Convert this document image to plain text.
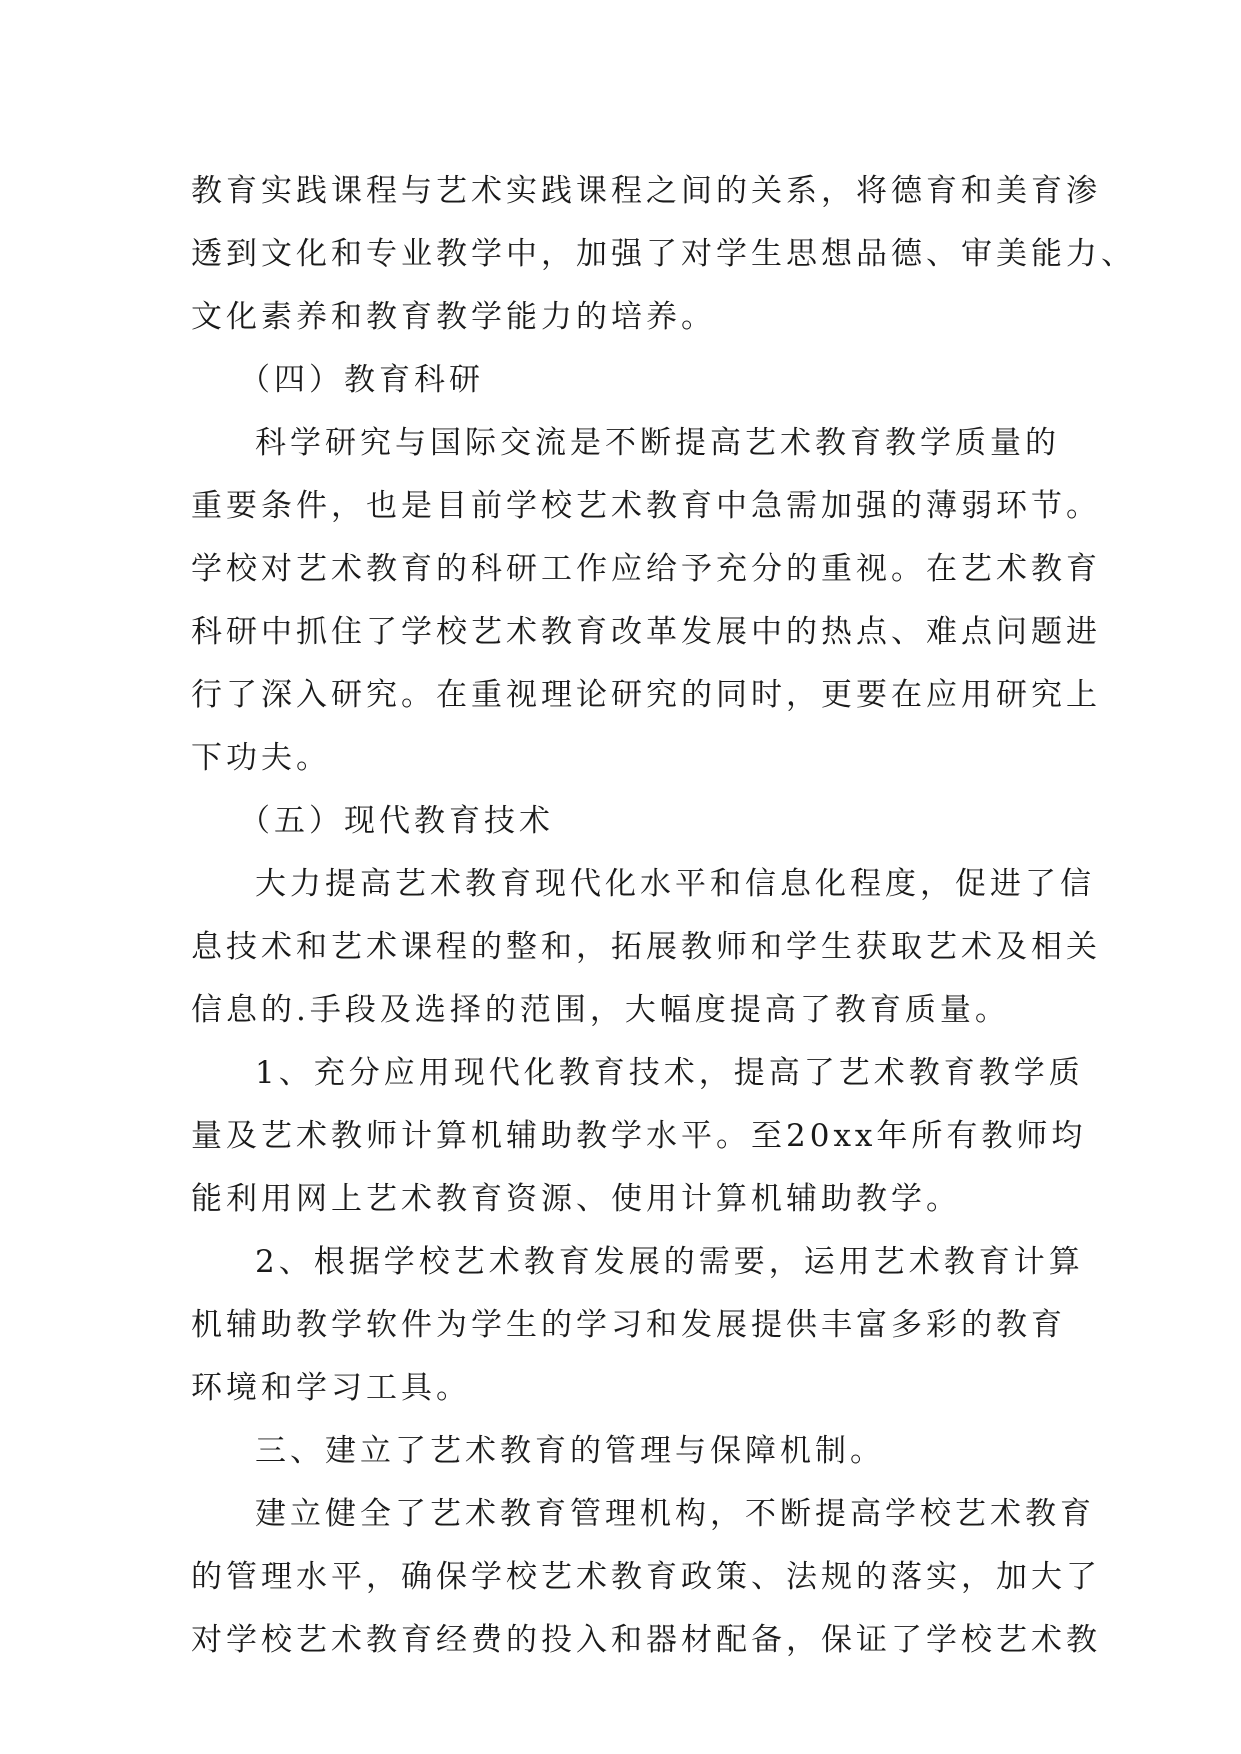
教育实践课程与艺术实践课程之间的关系，将德育和美育渗
透到文化和专业教学中，加强了对学生思想品德、审美能力、
文化素养和教育教学能力的培养。
（四）教育科研
科学研究与国际交流是不断提高艺术教育教学质量的
重要条件，也是目前学校艺术教育中急需加强的薄弱环节。
学校对艺术教育的科研工作应给予充分的重视。在艺术教育
科研中抓住了学校艺术教育改革发展中的热点、难点问题进
行了深入研究。在重视理论研究的同时，更要在应用研究上
下功夫。
（五）现代教育技术
大力提高艺术教育现代化水平和信息化程度，促进了信
息技术和艺术课程的整和，拓展教师和学生获取艺术及相关
信息的.手段及选择的范围，大幅度提高了教育质量。
1、充分应用现代化教育技术，提高了艺术教育教学质
量及艺术教师计算机辅助教学水平。至20xx年所有教师均
能利用网上艺术教育资源、使用计算机辅助教学。
2、根据学校艺术教育发展的需要，运用艺术教育计算
机辅助教学软件为学生的学习和发展提供丰富多彩的教育
环境和学习工具。
三、建立了艺术教育的管理与保障机制。
建立健全了艺术教育管理机构，不断提高学校艺术教育
的管理水平，确保学校艺术教育政策、法规的落实，加大了
对学校艺术教育经费的投入和器材配备，保证了学校艺术教
